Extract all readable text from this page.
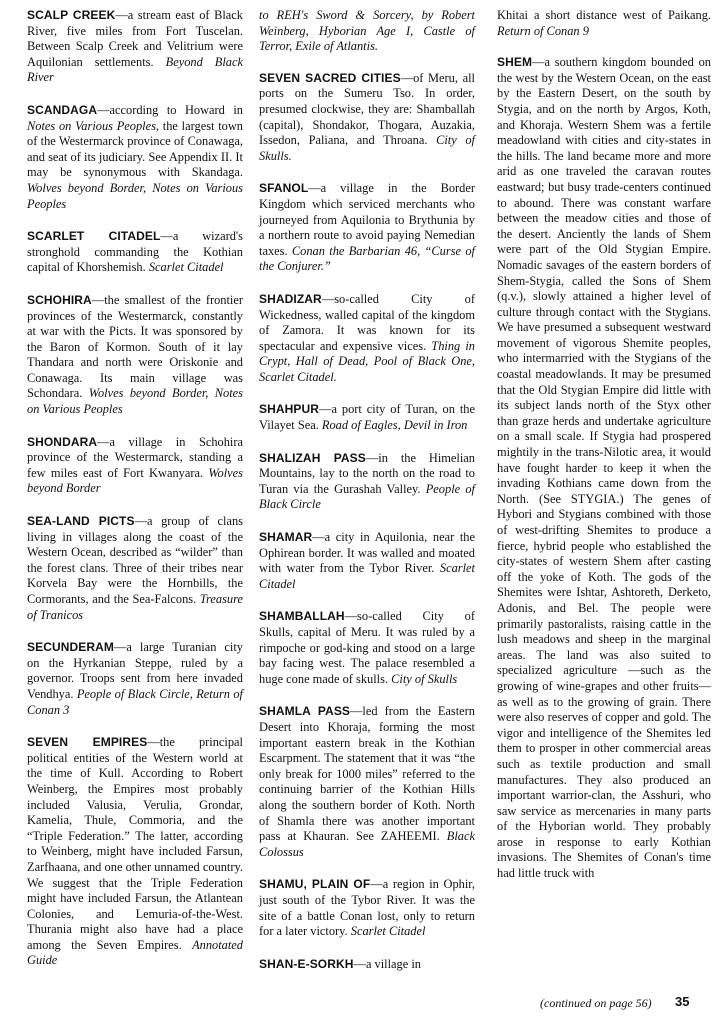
SCALP CREEK—a stream east of Black River, five miles from Fort Tuscelan. Between Scalp Creek and Velitrium were Aquilonian settlements. Beyond Black River

SCANDAGA—according to Howard in Notes on Various Peoples, the largest town of the Westermarck province of Conawaga, and seat of its judiciary. See Appendix II. It may be synonymous with Skandaga. Wolves beyond Border, Notes on Various Peoples

SCARLET CITADEL—a wizard's stronghold commanding the Kothian capital of Khorshemish. Scarlet Citadel

SCHOHIRA—the smallest of the frontier provinces of the Westermarck, constantly at war with the Picts. It was sponsored by the Baron of Kormon. South of it lay Thandara and north were Oriskonie and Conawaga. Its main village was Schondara. Wolves beyond Border, Notes on Various Peoples

SHONDARA—a village in Schohira province of the Westermarck, standing a few miles east of Fort Kwanyara. Wolves beyond Border

SEA-LAND PICTS—a group of clans living in villages along the coast of the Western Ocean, described as “wilder” than the forest clans. Three of their tribes near Korvela Bay were the Hornbills, the Cormorants, and the Sea-Falcons. Treasure of Tranicos

SECUNDERAM—a large Turanian city on the Hyrkanian Steppe, ruled by a governor. Troops sent from here invaded Vendhya. People of Black Circle, Return of Conan 3

SEVEN EMPIRES—the principal political entities of the Western world at the time of Kull. According to Robert Weinberg, the Empires most probably included Valusia, Verulia, Grondar, Kamelia, Thule, Commoria, and the “Triple Federation.” The latter, according to Weinberg, might have included Farsun, Zarfhaana, and one other unnamed country. We suggest that the Triple Federation might have included Farsun, the Atlantean Colonies, and Lemuria-of-the-West. Thurania might also have had a place among the Seven Empires. Annotated Guide

to REH's Sword & Sorcery, by Robert Weinberg, Hyborian Age I, Castle of Terror, Exile of Atlantis.

SEVEN SACRED CITIES—of Meru, all ports on the Sumeru Tso. In order, presumed clockwise, they are: Shamballah (capital), Shondakor, Thogara, Auzakia, Issedon, Paliana, and Throana. City of Skulls.

SFANOL—a village in the Border Kingdom which serviced merchants who journeyed from Aquilonia to Brythunia by a northern route to avoid paying Nemedian taxes. Conan the Barbarian 46, “Curse of the Conjurer.”

SHADIZAR—so-called City of Wickedness, walled capital of the kingdom of Zamora. It was known for its spectacular and expensive vices. Thing in Crypt, Hall of Dead, Pool of Black One, Scarlet Citadel.

SHAHPUR—a port city of Turan, on the Vilayet Sea. Road of Eagles, Devil in Iron

SHALIZAH PASS—in the Himelian Mountains, lay to the north on the road to Turan via the Gurashah Valley. People of Black Circle

SHAMAR—a city in Aquilonia, near the Ophirean border. It was walled and moated with water from the Tybor River. Scarlet Citadel

SHAMBALLAH—so-called City of Skulls, capital of Meru. It was ruled by a rimpoche or god-king and stood on a large bay facing west. The palace resembled a huge cone made of skulls. City of Skulls

SHAMLA PASS—led from the Eastern Desert into Khoraja, forming the most important eastern break in the Kothian Escarpment. The statement that it was “the only break for 1000 miles” referred to the continuing barrier of the Kothian Hills along the southern border of Koth. North of Shamla there was another important pass at Khauran. See ZAHEEMI. Black Colossus

SHAMU, PLAIN OF—a region in Ophir, just south of the Tybor River. It was the site of a battle Conan lost, only to return for a later victory. Scarlet Citadel

SHAN-E-SORKH—a village in

Khitai a short distance west of Paikang. Return of Conan 9

SHEM—a southern kingdom bounded on the west by the Western Ocean, on the east by the Eastern Desert, on the south by Stygia, and on the north by Argos, Koth, and Khoraja. Western Shem was a fertile meadowland with cities and city-states in the hills. The land became more and more arid as one traveled the caravan routes eastward; but busy trade-centers continued to abound. There was constant warfare between the meadow cities and those of the desert. Anciently the lands of Shem were part of the Old Stygian Empire. Nomadic savages of the eastern borders of Shem-Stygia, called the Sons of Shem (q.v.), slowly attained a higher level of culture through contact with the Stygians. We have presumed a subsequent westward movement of vigorous Shemite peoples, who intermarried with the Stygians of the coastal meadowlands. It may be presumed that the Old Stygian Empire did little with its subject lands north of the Styx other than graze herds and undertake agriculture on a small scale. If Stygia had prospered mightily in the trans-Nilotic area, it would have fought harder to keep it when the invading Kothians came down from the North. (See STYGIA.) The genes of Hybori and Stygians combined with those of west-drifting Shemites to produce a fierce, hybrid people who established the city-states of western Shem after casting off the yoke of Koth. The gods of the Shemites were Ishtar, Ashtoreth, Derketo, Adonis, and Bel. The people were primarily pastoralists, raising cattle in the lush meadows and sheep in the marginal areas. The land was also suited to specialized agriculture —such as the growing of wine-grapes and other fruits—as well as to the growing of grain. There were also reserves of copper and gold. The vigor and intelligence of the Shemites led them to prosper in other commercial areas such as textile production and small manufactures. They also produced an important warrior-clan, the Asshuri, who saw service as mercenaries in many parts of the Hyborian world. They probably arose in response to early Kothian invasions. The Shemites of Conan's time had little truck with

(continued on page 56) 35
